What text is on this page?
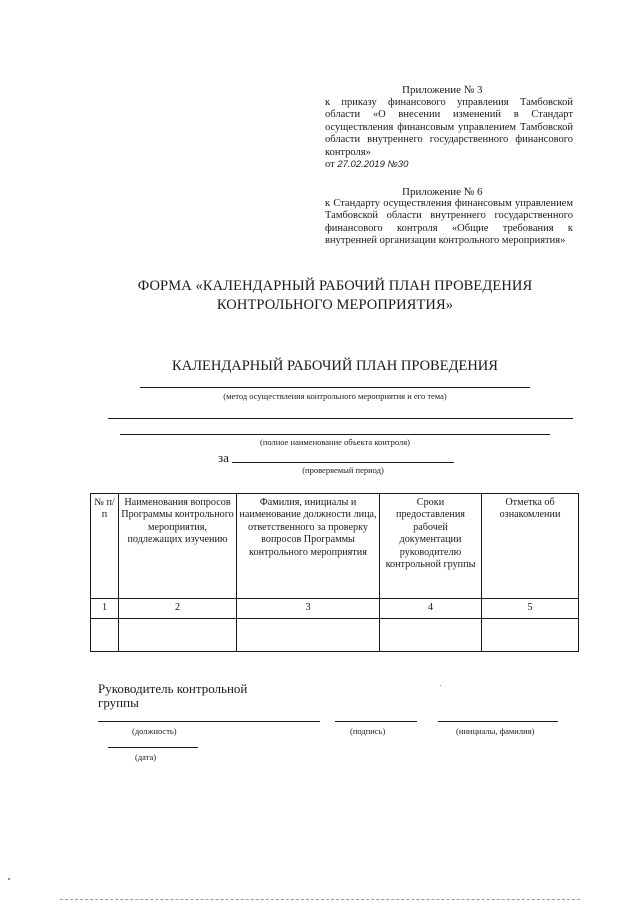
Приложение № 3
к приказу финансового управления Тамбовской области «О внесении изменений в Стандарт осуществления финансовым управлением Тамбовской области внутреннего государственного финансового контроля»
от 27.02.2019 №30
Приложение № 6
к Стандарту осуществления финансовым управлением Тамбовской области внутреннего государственного финансового контроля «Общие требования к внутренней организации контрольного мероприятия»
ФОРМА «КАЛЕНДАРНЫЙ РАБОЧИЙ ПЛАН ПРОВЕДЕНИЯ
КОНТРОЛЬНОГО МЕРОПРИЯТИЯ»
КАЛЕНДАРНЫЙ РАБОЧИЙ ПЛАН ПРОВЕДЕНИЯ
(метод осуществления контрольного мероприятия и его тема)
(полное наименование объекта контроля)
за
(проверяемый период)
№ п/п	Наименования вопросов Программы контрольного мероприятия, подлежащих изучению	Фамилия, инициалы и наименование должности лица, ответственного за проверку вопросов Программы контрольного мероприятия	Сроки предоставления рабочей документации руководителю контрольной группы	Отметка об ознакомлении
1	2	3	4	5

Руководитель контрольной
группы
(должность)	(подпись)	(инициалы, фамилия)
(дата)
